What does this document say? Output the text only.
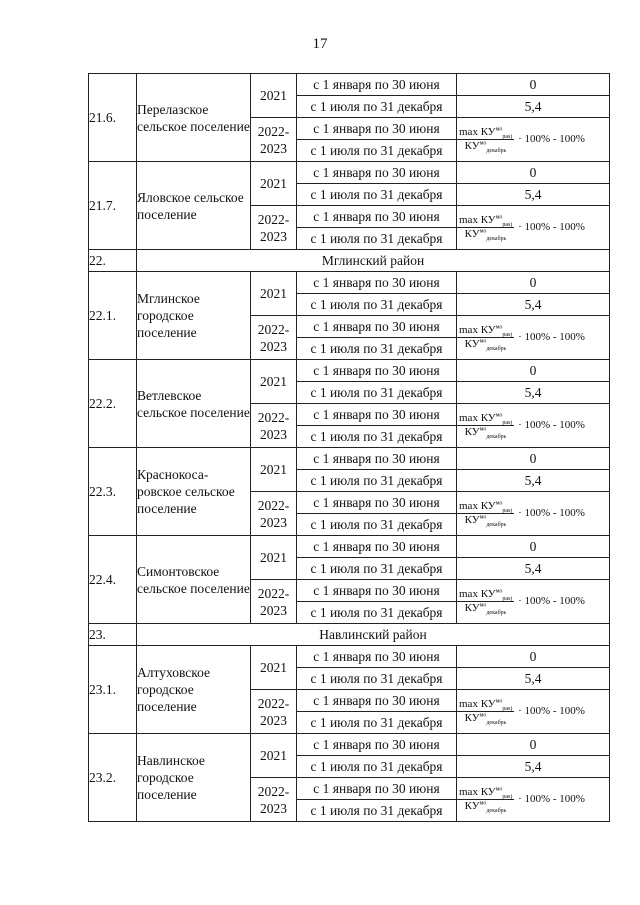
17
21.6.	Перелазское сельское поселение	2021	с 1 января по 30 июня	0
			с 1 июля по 31 декабря	5,4
		2022-2023	с 1 января по 30 июня	$\frac{\max КУ^{мо}_{pasj}}{КУ^{мо}_{декабрь}} \cdot 100\% - 100\%$
			с 1 июля по 31 декабря	
21.7.	Яловское сельское поселение	2021	с 1 января по 30 июня	0
			с 1 июля по 31 декабря	5,4
		2022-2023	с 1 января по 30 июня	$\frac{\max КУ^{мо}_{pasj}}{КУ^{мо}_{декабрь}} \cdot 100\% - 100\%$
			с 1 июля по 31 декабря	
22.	Мглинский район			
22.1.	Мглинское городское поселение	2021	с 1 января по 30 июня	0
			с 1 июля по 31 декабря	5,4
		2022-2023	с 1 января по 30 июня	$\frac{\max КУ^{мо}_{pasj}}{КУ^{мо}_{декабрь}} \cdot 100\% - 100\%$
			с 1 июля по 31 декабря	
22.2.	Ветлевское сельское поселение	2021	с 1 января по 30 июня	0
			с 1 июля по 31 декабря	5,4
		2022-2023	с 1 января по 30 июня	$\frac{\max КУ^{мо}_{pasj}}{КУ^{мо}_{декабрь}} \cdot 100\% - 100\%$
			с 1 июля по 31 декабря	
22.3.	Краснокоса-ровское сельское поселение	2021	с 1 января по 30 июня	0
			с 1 июля по 31 декабря	5,4
		2022-2023	с 1 января по 30 июня	$\frac{\max КУ^{мо}_{pasj}}{КУ^{мо}_{декабрь}} \cdot 100\% - 100\%$
			с 1 июля по 31 декабря	
22.4.	Симонтовское сельское поселение	2021	с 1 января по 30 июня	0
			с 1 июля по 31 декабря	5,4
		2022-2023	с 1 января по 30 июня	$\frac{\max КУ^{мо}_{pasj}}{КУ^{мо}_{декабрь}} \cdot 100\% - 100\%$
			с 1 июля по 31 декабря	
23.	Навлинский район			
23.1.	Алтуховское городское поселение	2021	с 1 января по 30 июня	0
			с 1 июля по 31 декабря	5,4
		2022-2023	с 1 января по 30 июня	$\frac{\max КУ^{мо}_{pasj}}{КУ^{мо}_{декабрь}} \cdot 100\% - 100\%$
			с 1 июля по 31 декабря	
23.2.	Навлинское городское поселение	2021	с 1 января по 30 июня	0
			с 1 июля по 31 декабря	5,4
		2022-2023	с 1 января по 30 июня	$\frac{\max КУ^{мо}_{pasj}}{КУ^{мо}_{декабрь}} \cdot 100\% - 100\%$
			с 1 июля по 31 декабря	
